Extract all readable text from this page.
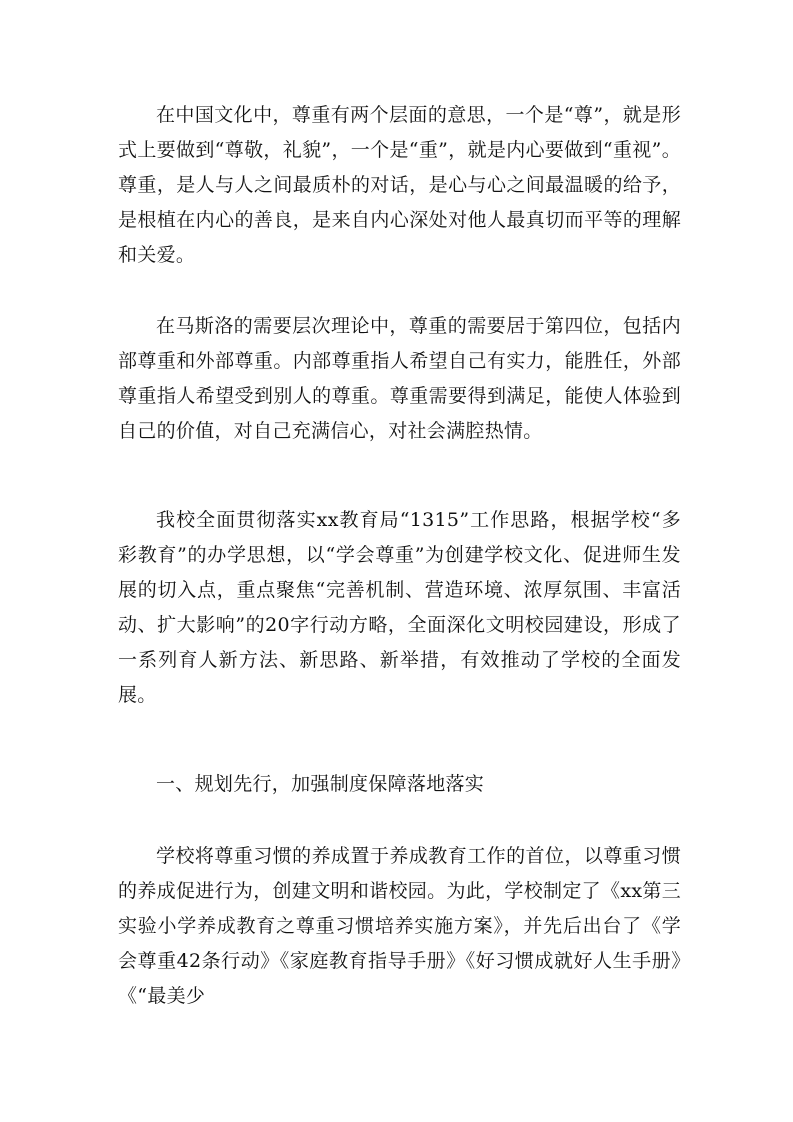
在中国文化中，尊重有两个层面的意思，一个是“尊”，就是形式上要做到“尊敬，礼貌”，一个是“重”，就是内心要做到“重视”。尊重，是人与人之间最质朴的对话，是心与心之间最温暖的给予，是根植在内心的善良，是来自内心深处对他人最真切而平等的理解和关爱。

在马斯洛的需要层次理论中，尊重的需要居于第四位，包括内部尊重和外部尊重。内部尊重指人希望自己有实力，能胜任，外部尊重指人希望受到别人的尊重。尊重需要得到满足，能使人体验到自己的价值，对自己充满信心，对社会满腔热情。

我校全面贯彻落实xx教育局“1315”工作思路，根据学校“多彩教育”的办学思想，以“学会尊重”为创建学校文化、促进师生发展的切入点，重点聚焦“完善机制、营造环境、浓厚氛围、丰富活动、扩大影响”的20字行动方略，全面深化文明校园建设，形成了一系列育人新方法、新思路、新举措，有效推动了学校的全面发展。

一、规划先行，加强制度保障落地落实

学校将尊重习惯的养成置于养成教育工作的首位，以尊重习惯的养成促进行为，创建文明和谐校园。为此，学校制定了《xx第三实验小学养成教育之尊重习惯培养实施方案》，并先后出台了《学会尊重42条行动》《家庭教育指导手册》《好习惯成就好人生手册》《“最美少
